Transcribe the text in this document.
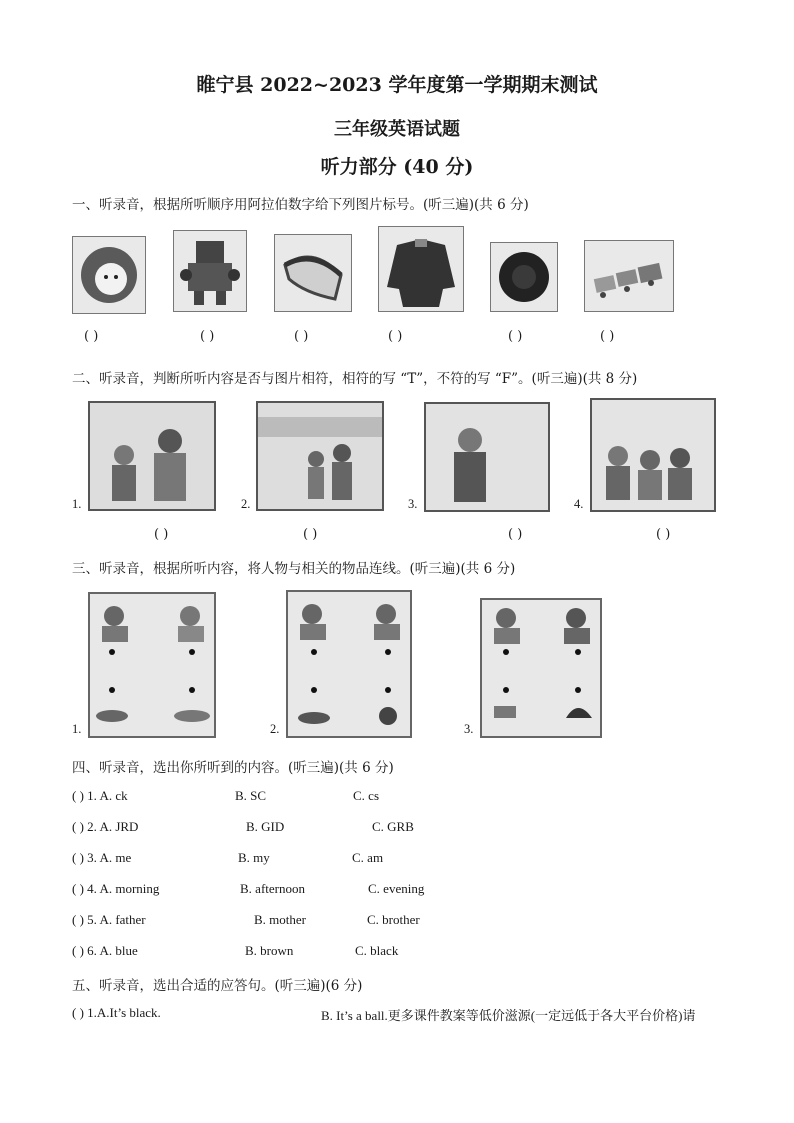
睢宁县 2022~2023 学年度第一学期期末测试
三年级英语试题
听力部分 (40 分)
一、听录音，根据所听顺序用阿拉伯数字给下列图片标号。(听三遍)(共 6 分)
( )	( )	( )	( )	( )	( )
二、听录音，判断所听内容是否与图片相符，相符的写 “T”，不符的写 “F”。(听三遍)(共 8 分)
1.	2.	3.	4.
( )	( )	( )	( )
三、听录音，根据所听内容，将人物与相关的物品连线。(听三遍)(共 6 分)
1.	2.	3.
四、听录音，选出你所听到的内容。(听三遍)(共 6 分)
( ) 1. A. ck	B. SC	C. cs
( ) 2. A. JRD	B. GID	C. GRB
( ) 3. A. me	B. my	C. am
( ) 4. A. morning	B. afternoon	C. evening
( ) 5. A. father	B. mother	C. brother
( ) 6. A. blue	B. brown	C. black
五、听录音，选出合适的应答句。(听三遍)(6 分)
( ) 1.A.It’s black.	B. It’s a ball.更多课件教案等低价滋源(一定远低于各大平台价格)请
